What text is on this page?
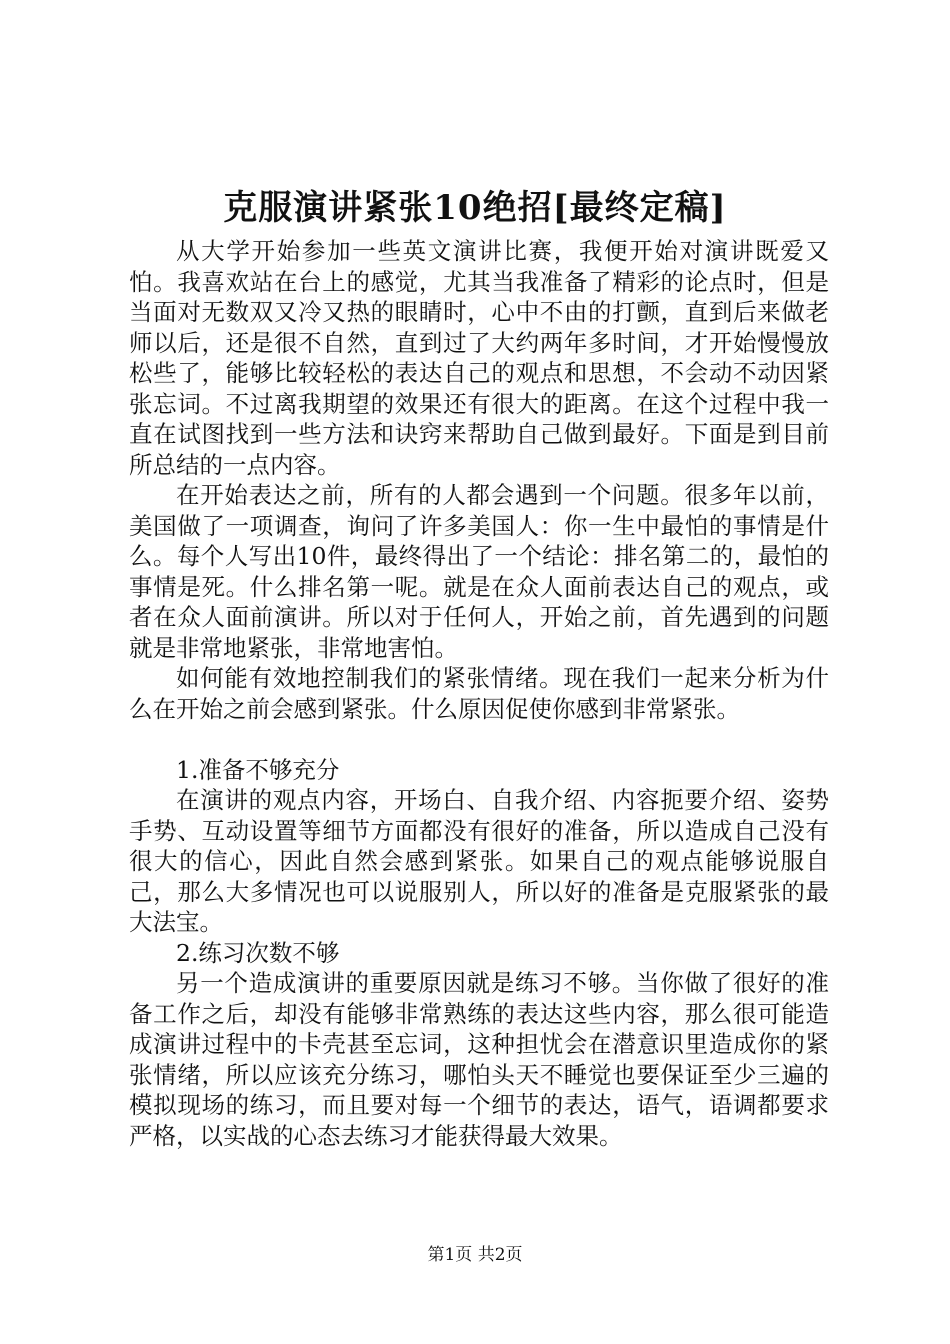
克服演讲紧张10绝招[最终定稿]

从大学开始参加一些英文演讲比赛，我便开始对演讲既爱又怕。我喜欢站在台上的感觉，尤其当我准备了精彩的论点时，但是当面对无数双又冷又热的眼睛时，心中不由的打颤，直到后来做老师以后，还是很不自然，直到过了大约两年多时间，才开始慢慢放松些了，能够比较轻松的表达自己的观点和思想，不会动不动因紧张忘词。不过离我期望的效果还有很大的距离。在这个过程中我一直在试图找到一些方法和诀窍来帮助自己做到最好。下面是到目前所总结的一点内容。

在开始表达之前，所有的人都会遇到一个问题。很多年以前，美国做了一项调查，询问了许多美国人：你一生中最怕的事情是什么。每个人写出10件，最终得出了一个结论：排名第二的，最怕的事情是死。什么排名第一呢。就是在众人面前表达自己的观点，或者在众人面前演讲。所以对于任何人，开始之前，首先遇到的问题就是非常地紧张，非常地害怕。

如何能有效地控制我们的紧张情绪。现在我们一起来分析为什么在开始之前会感到紧张。什么原因促使你感到非常紧张。

1.准备不够充分

在演讲的观点内容，开场白、自我介绍、内容扼要介绍、姿势手势、互动设置等细节方面都没有很好的准备，所以造成自己没有很大的信心，因此自然会感到紧张。如果自己的观点能够说服自己，那么大多情况也可以说服别人，所以好的准备是克服紧张的最大法宝。

2.练习次数不够

另一个造成演讲的重要原因就是练习不够。当你做了很好的准备工作之后，却没有能够非常熟练的表达这些内容，那么很可能造成演讲过程中的卡壳甚至忘词，这种担忧会在潜意识里造成你的紧张情绪，所以应该充分练习，哪怕头天不睡觉也要保证至少三遍的模拟现场的练习，而且要对每一个细节的表达，语气，语调都要求严格，以实战的心态去练习才能获得最大效果。

第1页 共2页
